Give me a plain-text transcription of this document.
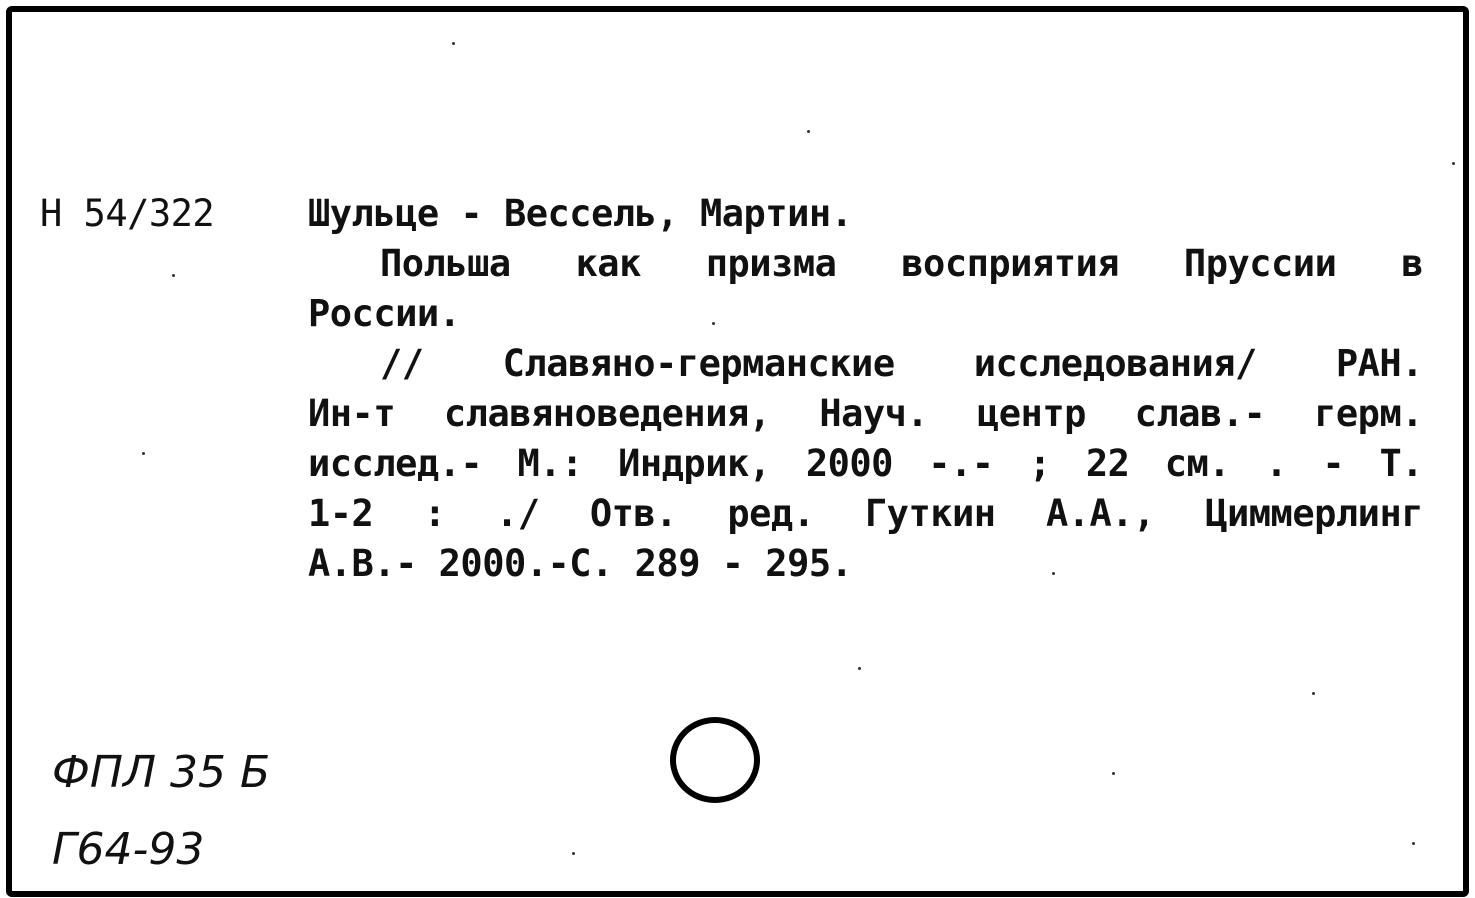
Н 54/322

	Шульце - Вессель, Мартин.

Польша как призма восприятия Пруссии в

России.

// Славяно-германские исследования/ РАН.

Ин-т славяноведения, Науч. центр слав.- герм.

исслед.- М.: Индрик, 2000 -.- ; 22 см. . - Т.

1-2 : ./ Отв. ред. Гуткин А.А., Циммерлинг

А.В.- 2000.-С. 289 - 295.

ФПЛ 35 Б
Г64-93
